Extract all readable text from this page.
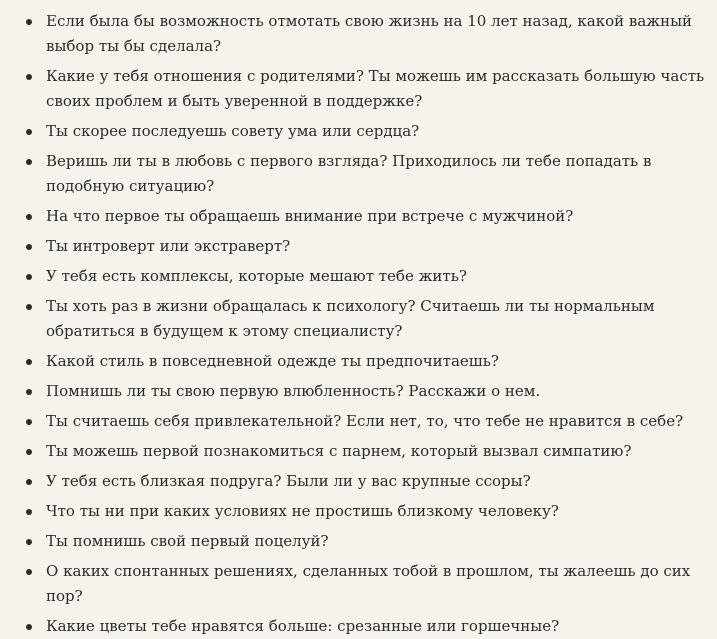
Если была бы возможность отмотать свою жизнь на 10 лет назад, какой важный выбор ты бы сделала?
Какие у тебя отношения с родителями? Ты можешь им рассказать большую часть своих проблем и быть уверенной в поддержке?
Ты скорее последуешь совету ума или сердца?
Веришь ли ты в любовь с первого взгляда? Приходилось ли тебе попадать в подобную ситуацию?
На что первое ты обращаешь внимание при встрече с мужчиной?
Ты интроверт или экстраверт?
У тебя есть комплексы, которые мешают тебе жить?
Ты хоть раз в жизни обращалась к психологу? Считаешь ли ты нормальным обратиться в будущем к этому специалисту?
Какой стиль в повседневной одежде ты предпочитаешь?
Помнишь ли ты свою первую влюбленность? Расскажи о нем.
Ты считаешь себя привлекательной? Если нет, то, что тебе не нравится в себе?
Ты можешь первой познакомиться с парнем, который вызвал симпатию?
У тебя есть близкая подруга? Были ли у вас крупные ссоры?
Что ты ни при каких условиях не простишь близкому человеку?
Ты помнишь свой первый поцелуй?
О каких спонтанных решениях, сделанных тобой в прошлом, ты жалеешь до сих пор?
Какие цветы тебе нравятся больше: срезанные или горшечные?
